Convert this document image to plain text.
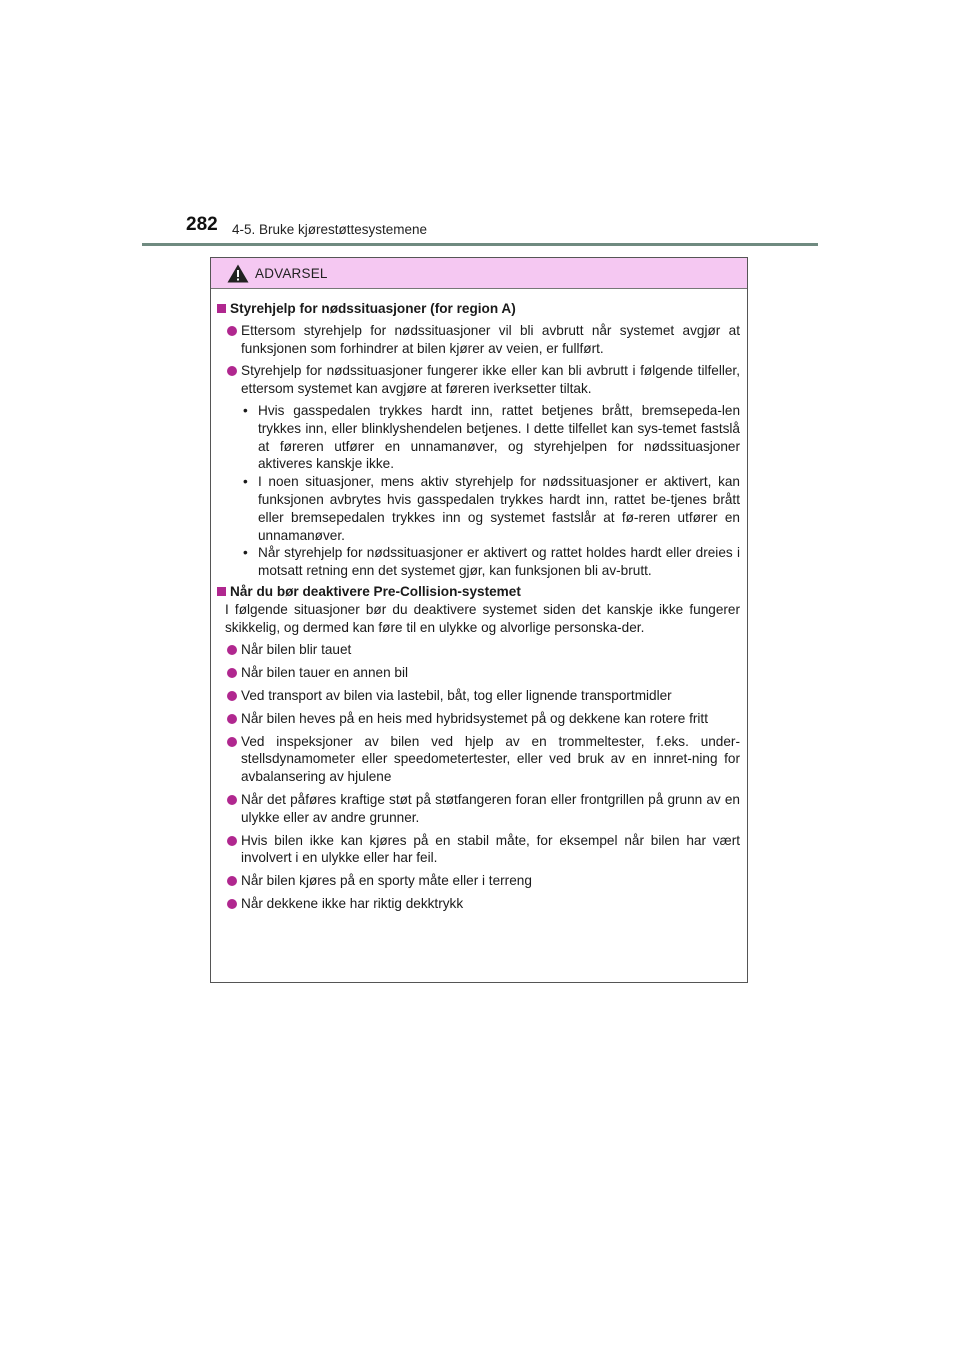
282 4-5. Bruke kjørestøttesystemene
ADVARSEL
Styrehjelp for nødssituasjoner (for region A)
Ettersom styrehjelp for nødssituasjoner vil bli avbrutt når systemet avgjør at funksjonen som forhindrer at bilen kjører av veien, er fullført.
Styrehjelp for nødssituasjoner fungerer ikke eller kan bli avbrutt i følgende tilfeller, ettersom systemet kan avgjøre at føreren iverksetter tiltak.
• Hvis gasspedalen trykkes hardt inn, rattet betjenes brått, bremsepeda-len trykkes inn, eller blinklyshendelen betjenes. I dette tilfellet kan sys-temet fastslå at føreren utfører en unnamanøver, og styrehjelpen for nødssituasjoner aktiveres kanskje ikke.
• I noen situasjoner, mens aktiv styrehjelp for nødssituasjoner er aktivert, kan funksjonen avbrytes hvis gasspedalen trykkes hardt inn, rattet be-tjenes brått eller bremsepedalen trykkes inn og systemet fastslår at fø-reren utfører en unnamanøver.
• Når styrehjelp for nødssituasjoner er aktivert og rattet holdes hardt eller dreies i motsatt retning enn det systemet gjør, kan funksjonen bli av-brutt.
Når du bør deaktivere Pre-Collision-systemet
I følgende situasjoner bør du deaktivere systemet siden det kanskje ikke fungerer skikkelig, og dermed kan føre til en ulykke og alvorlige personska-der.
Når bilen blir tauet
Når bilen tauer en annen bil
Ved transport av bilen via lastebil, båt, tog eller lignende transportmidler
Når bilen heves på en heis med hybridsystemet på og dekkene kan rotere fritt
Ved inspeksjoner av bilen ved hjelp av en trommeltester, f.eks. under-stellsdynamometer eller speedometertester, eller ved bruk av en innret-ning for avbalansering av hjulene
Når det påføres kraftige støt på støtfangeren foran eller frontgrillen på grunn av en ulykke eller av andre grunner.
Hvis bilen ikke kan kjøres på en stabil måte, for eksempel når bilen har vært involvert i en ulykke eller har feil.
Når bilen kjøres på en sporty måte eller i terreng
Når dekkene ikke har riktig dekktrykk
